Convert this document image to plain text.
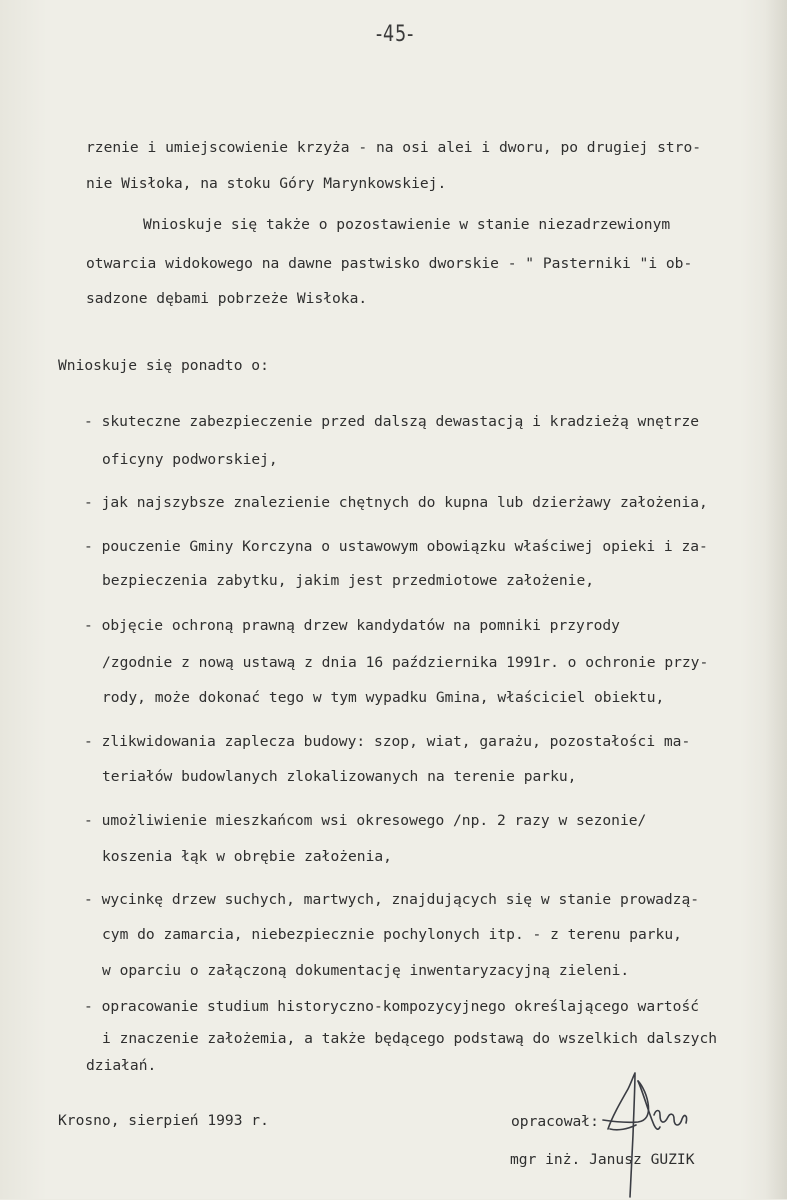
-45-
rzenie i umiejscowienie krzyża - na osi alei i dworu, po drugiej stro-
nie Wisłoka, na stoku Góry Marynkowskiej.
Wnioskuje się także o pozostawienie w stanie niezadrzewionym
otwarcia widokowego na dawne pastwisko dworskie - " Pasterniki "i ob-
sadzone dębami pobrzeże Wisłoka.
Wnioskuje się ponadto o:
- skuteczne zabezpieczenie przed dalszą dewastacją i kradzieżą wnętrze
oficyny podworskiej,
- jak najszybsze znalezienie chętnych do kupna lub dzierżawy założenia,
- pouczenie Gminy Korczyna o ustawowym obowiązku właściwej opieki i za-
bezpieczenia zabytku, jakim jest przedmiotowe założenie,
- objęcie ochroną prawną drzew kandydatów na pomniki przyrody
/zgodnie z nową ustawą z dnia 16 października 1991r. o ochronie przy-
rody, może dokonać tego w tym wypadku Gmina, właściciel obiektu,
- zlikwidowania zaplecza budowy: szop, wiat, garażu, pozostałości ma-
teriałów budowlanych zlokalizowanych na terenie parku,
- umożliwienie mieszkańcom wsi okresowego /np. 2 razy w sezonie/
koszenia łąk w obrębie założenia,
- wycinkę drzew suchych, martwych, znajdujących się w stanie prowadzą-
cym do zamarcia, niebezpiecznie pochylonych itp. - z terenu parku,
w oparciu o załączoną dokumentację inwentaryzacyjną zieleni.
- opracowanie studium historyczno-kompozycyjnego określającego wartość
i znaczenie założemia, a także będącego podstawą do wszelkich dalszych
działań.
Krosno, sierpień 1993 r.	opracował:
mgr inż. Janusz GUZIK
